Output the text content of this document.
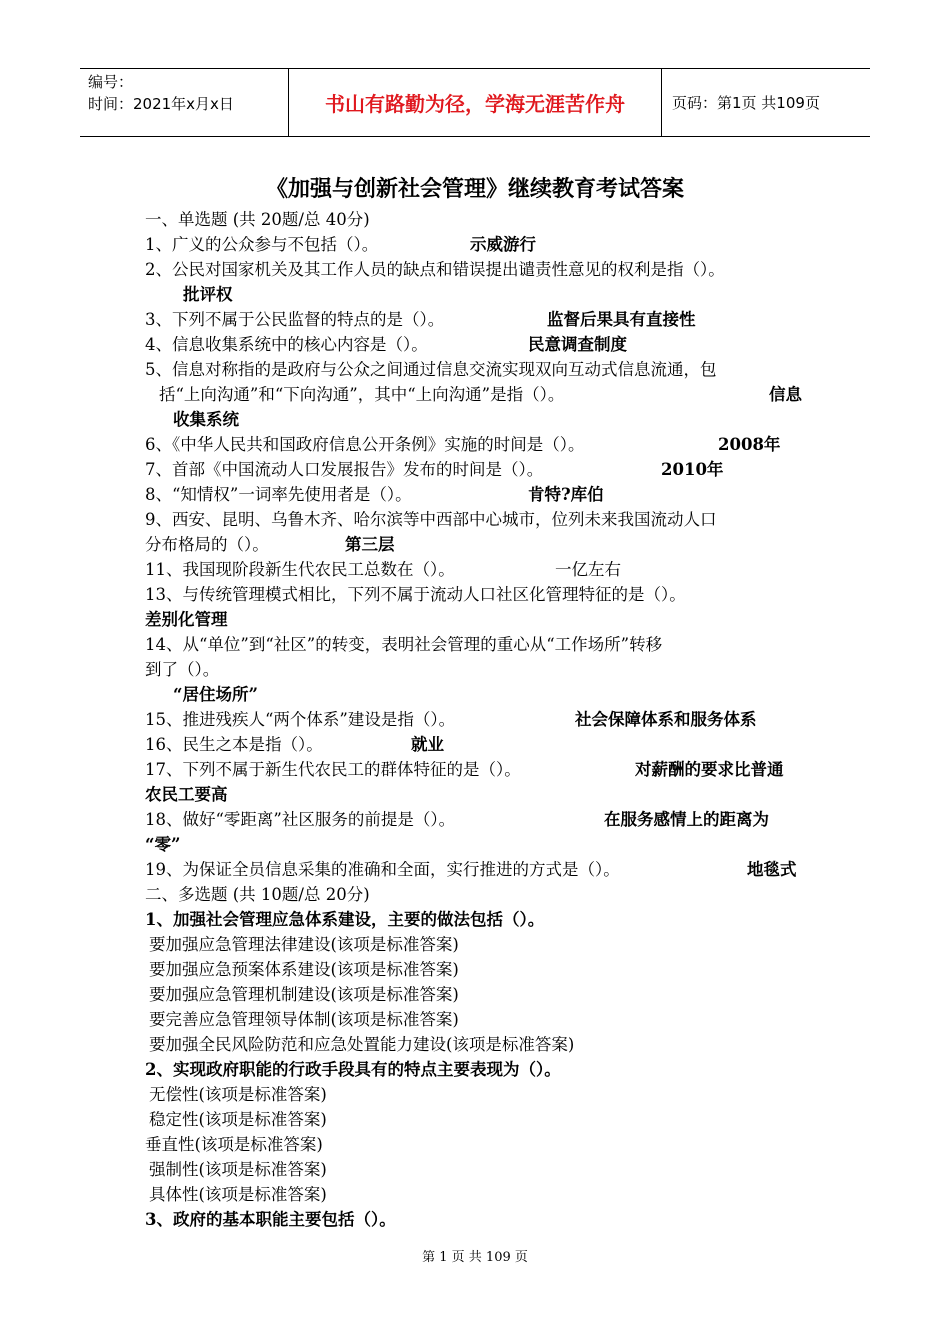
编号：
时间：2021年x月x日	书山有路勤为径，学海无涯苦作舟	页码：第1页 共109页
《加强与创新社会管理》继续教育考试答案
一、单选题 (共 20题/总 40分)
1、广义的公众参与不包括（）。	示威游行
2、公民对国家机关及其工作人员的缺点和错误提出谴责性意见的权利是指（）。
批评权
3、下列不属于公民监督的特点的是（）。	监督后果具有直接性
4、信息收集系统中的核心内容是（）。	民意调查制度
5、信息对称指的是政府与公众之间通过信息交流实现双向互动式信息流通，包
括“上向沟通”和“下向沟通”，其中“上向沟通”是指（）。	信息
收集系统
6、《中华人民共和国政府信息公开条例》实施的时间是（）。	2008年
7、首部《中国流动人口发展报告》发布的时间是（）。	2010年
8、“知情权”一词率先使用者是（）。	肯特?库伯
9、西安、昆明、乌鲁木齐、哈尔滨等中西部中心城市，位列未来我国流动人口
分布格局的（）。	第三层
11、我国现阶段新生代农民工总数在（）。	一亿左右
13、与传统管理模式相比，下列不属于流动人口社区化管理特征的是（）。
差别化管理
14、从“单位”到“社区”的转变，表明社会管理的重心从“工作场所”转移
到了（）。
“居住场所”
15、推进残疾人“两个体系”建设是指（）。	社会保障体系和服务体系
16、民生之本是指（）。	就业
17、下列不属于新生代农民工的群体特征的是（）。	对薪酬的要求比普通
农民工要高
18、做好“零距离”社区服务的前提是（）。	在服务感情上的距离为
“零”
19、为保证全员信息采集的准确和全面，实行推进的方式是（）。	地毯式
二、多选题 (共 10题/总 20分)
1、加强社会管理应急体系建设，主要的做法包括（）。
要加强应急管理法律建设(该项是标准答案)
要加强应急预案体系建设(该项是标准答案)
要加强应急管理机制建设(该项是标准答案)
要完善应急管理领导体制(该项是标准答案)
要加强全民风险防范和应急处置能力建设(该项是标准答案)
2、实现政府职能的行政手段具有的特点主要表现为（）。
无偿性(该项是标准答案)
稳定性(该项是标准答案)
垂直性(该项是标准答案)
强制性(该项是标准答案)
具体性(该项是标准答案)
3、政府的基本职能主要包括（）。
第 1 页 共 109 页
